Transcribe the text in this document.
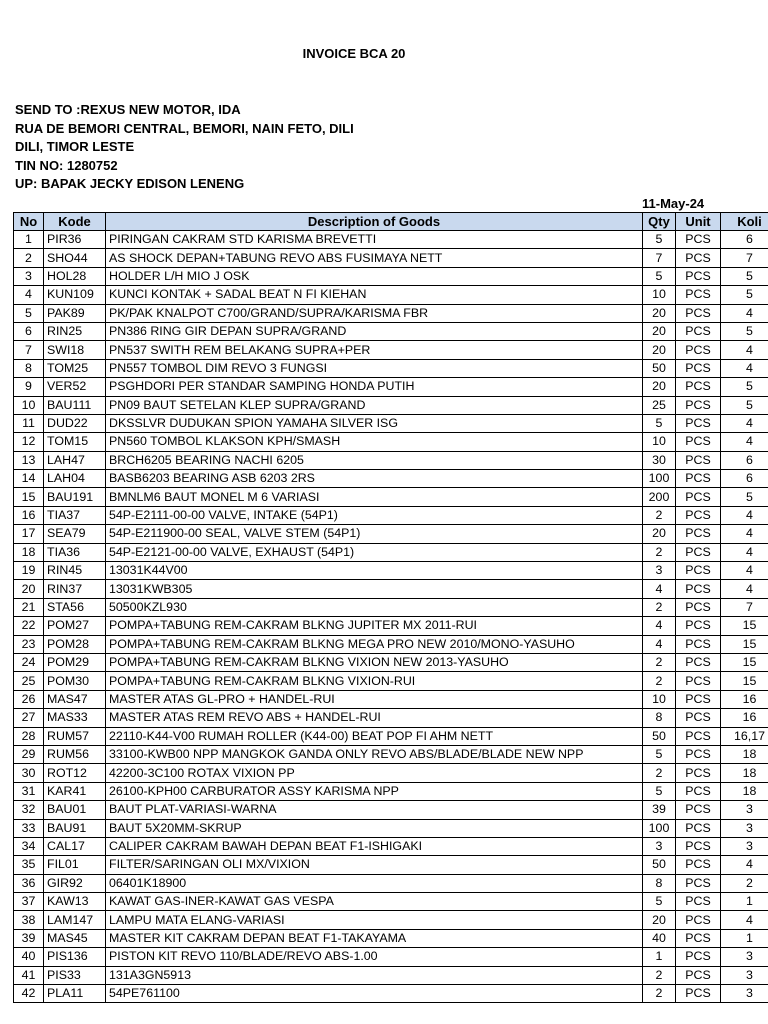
INVOICE BCA 20
SEND TO :REXUS NEW MOTOR, IDA
RUA DE BEMORI CENTRAL, BEMORI, NAIN FETO, DILI
DILI, TIMOR LESTE
TIN NO: 1280752
UP: BAPAK JECKY EDISON LENENG
11-May-24
No	Kode	Description of Goods	Qty	Unit	Koli
1	PIR36	PIRINGAN CAKRAM STD KARISMA BREVETTI	5	PCS	6
2	SHO44	AS SHOCK DEPAN+TABUNG REVO ABS FUSIMAYA NETT	7	PCS	7
3	HOL28	HOLDER L/H MIO J OSK	5	PCS	5
4	KUN109	KUNCI KONTAK + SADAL BEAT N FI KIEHAN	10	PCS	5
5	PAK89	PK/PAK KNALPOT C700/GRAND/SUPRA/KARISMA FBR	20	PCS	4
6	RIN25	PN386 RING GIR DEPAN SUPRA/GRAND	20	PCS	5
7	SWI18	PN537 SWITH REM BELAKANG SUPRA+PER	20	PCS	4
8	TOM25	PN557 TOMBOL DIM REVO 3 FUNGSI	50	PCS	4
9	VER52	PSGHDORI PER STANDAR SAMPING HONDA PUTIH	20	PCS	5
10	BAU111	PN09 BAUT SETELAN KLEP SUPRA/GRAND	25	PCS	5
11	DUD22	DKSSLVR DUDUKAN SPION YAMAHA SILVER ISG	5	PCS	4
12	TOM15	PN560 TOMBOL KLAKSON KPH/SMASH	10	PCS	4
13	LAH47	BRCH6205 BEARING NACHI 6205	30	PCS	6
14	LAH04	BASB6203 BEARING ASB 6203 2RS	100	PCS	6
15	BAU191	BMNLM6 BAUT MONEL M 6 VARIASI	200	PCS	5
16	TIA37	54P-E2111-00-00 VALVE, INTAKE (54P1)	2	PCS	4
17	SEA79	54P-E211900-00 SEAL, VALVE STEM (54P1)	20	PCS	4
18	TIA36	54P-E2121-00-00 VALVE, EXHAUST (54P1)	2	PCS	4
19	RIN45	13031K44V00	3	PCS	4
20	RIN37	13031KWB305	4	PCS	4
21	STA56	50500KZL930	2	PCS	7
22	POM27	POMPA+TABUNG REM-CAKRAM BLKNG JUPITER MX 2011-RUI	4	PCS	15
23	POM28	POMPA+TABUNG REM-CAKRAM BLKNG MEGA PRO NEW 2010/MONO-YASUHO	4	PCS	15
24	POM29	POMPA+TABUNG REM-CAKRAM BLKNG VIXION NEW 2013-YASUHO	2	PCS	15
25	POM30	POMPA+TABUNG REM-CAKRAM BLKNG VIXION-RUI	2	PCS	15
26	MAS47	MASTER ATAS GL-PRO + HANDEL-RUI	10	PCS	16
27	MAS33	MASTER ATAS REM REVO ABS + HANDEL-RUI	8	PCS	16
28	RUM57	22110-K44-V00 RUMAH ROLLER (K44-00) BEAT POP FI AHM NETT	50	PCS	16,17
29	RUM56	33100-KWB00 NPP MANGKOK GANDA ONLY REVO ABS/BLADE/BLADE NEW NPP	5	PCS	18
30	ROT12	42200-3C100 ROTAX VIXION PP	2	PCS	18
31	KAR41	26100-KPH00 CARBURATOR ASSY KARISMA NPP	5	PCS	18
32	BAU01	BAUT PLAT-VARIASI-WARNA	39	PCS	3
33	BAU91	BAUT 5X20MM-SKRUP	100	PCS	3
34	CAL17	CALIPER CAKRAM BAWAH DEPAN BEAT F1-ISHIGAKI	3	PCS	3
35	FIL01	FILTER/SARINGAN OLI MX/VIXION	50	PCS	4
36	GIR92	06401K18900	8	PCS	2
37	KAW13	KAWAT GAS-INER-KAWAT GAS VESPA	5	PCS	1
38	LAM147	LAMPU MATA ELANG-VARIASI	20	PCS	4
39	MAS45	MASTER KIT CAKRAM DEPAN BEAT F1-TAKAYAMA	40	PCS	1
40	PIS136	PISTON KIT REVO 110/BLADE/REVO ABS-1.00	1	PCS	3
41	PIS33	131A3GN5913	2	PCS	3
42	PLA11	54PE761100	2	PCS	3
